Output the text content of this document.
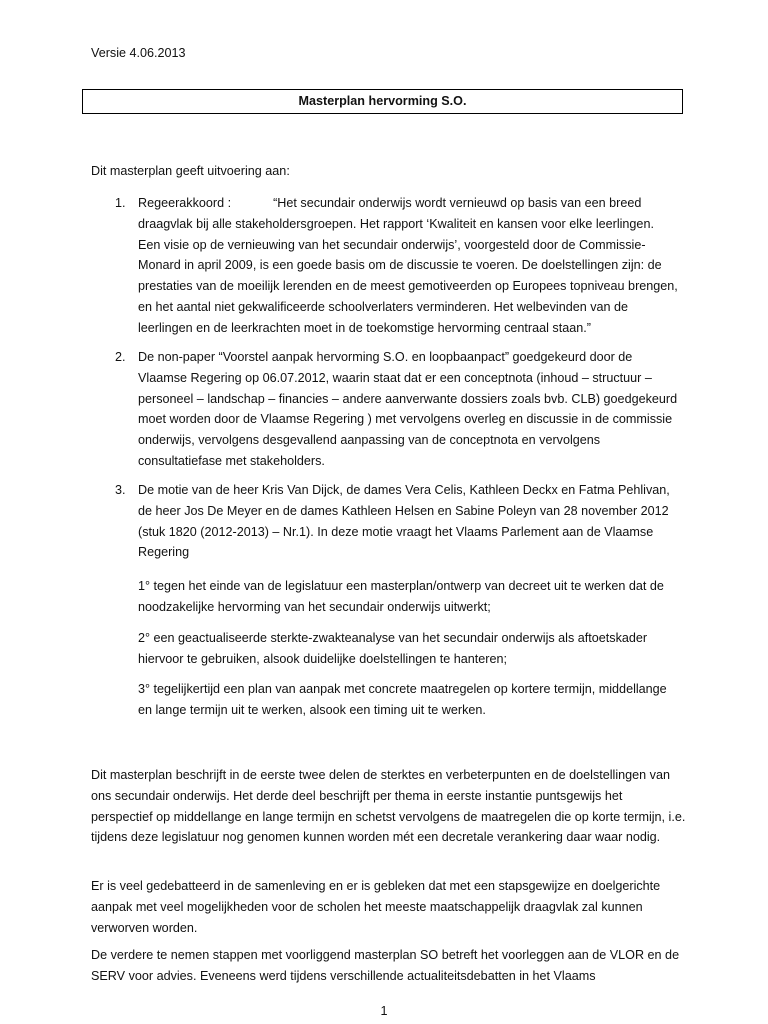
Versie 4.06.2013
Masterplan hervorming S.O.
Dit masterplan geeft uitvoering aan:
1. Regeerakkoord :	“Het secundair onderwijs wordt vernieuwd op basis van een breed draagvlak bij alle stakeholdersgroepen. Het rapport ‘Kwaliteit en kansen voor elke leerlingen. Een visie op de vernieuwing van het secundair onderwijs’, voorgesteld door de Commissie-Monard in april 2009, is een goede basis om de discussie te voeren. De doelstellingen zijn: de prestaties van de moeilijk lerenden en de meest gemotiveerden op Europees topniveau brengen, en het aantal niet gekwalificeerde schoolverlaters verminderen. Het welbevinden van de leerlingen en de leerkrachten moet in de toekomstige hervorming centraal staan.”
2. De non-paper “Voorstel aanpak hervorming S.O. en loopbaanpact” goedgekeurd door de Vlaamse Regering op 06.07.2012, waarin staat dat er een conceptnota (inhoud – structuur – personeel – landschap – financies – andere aanverwante dossiers zoals bvb. CLB) goedgekeurd moet worden door de Vlaamse Regering ) met vervolgens overleg en discussie in de commissie onderwijs, vervolgens desgevallend aanpassing van de conceptnota en vervolgens consultatiefase met stakeholders.
3. De motie van de heer Kris Van Dijck, de dames Vera Celis, Kathleen Deckx en Fatma Pehlivan, de heer Jos De Meyer en de dames Kathleen Helsen en Sabine Poleyn van 28 november 2012 (stuk 1820 (2012-2013) – Nr.1). In deze motie vraagt het Vlaams Parlement aan de Vlaamse Regering
1° tegen het einde van de legislatuur een masterplan/ontwerp van decreet uit te werken dat de noodzakelijke hervorming van het secundair onderwijs uitwerkt;
2° een geactualiseerde sterkte-zwakteanalyse van het secundair onderwijs als aftoetskader hiervoor te gebruiken, alsook duidelijke doelstellingen te hanteren;
3° tegelijkertijd een plan van aanpak met concrete maatregelen op kortere termijn, middellange en lange termijn uit te werken, alsook een timing uit te werken.
Dit masterplan beschrijft in de eerste twee delen de sterktes en verbeterpunten en de doelstellingen van ons secundair onderwijs. Het derde deel beschrijft per thema in eerste instantie puntsgewijs het perspectief op middellange en lange termijn en schetst vervolgens de maatregelen die op korte termijn, i.e. tijdens deze legislatuur nog genomen kunnen worden mét een decretale verankering daar waar nodig.
Er is veel gedebatteerd in de samenleving en er is gebleken dat met een stapsgewijze en doelgerichte aanpak met veel mogelijkheden voor de scholen het meeste maatschappelijk draagvlak zal kunnen verworven worden.
De verdere te nemen stappen met voorliggend masterplan SO betreft het voorleggen aan de VLOR en de SERV voor advies. Eveneens werd tijdens verschillende actualiteitsdebatten in het Vlaams
1
